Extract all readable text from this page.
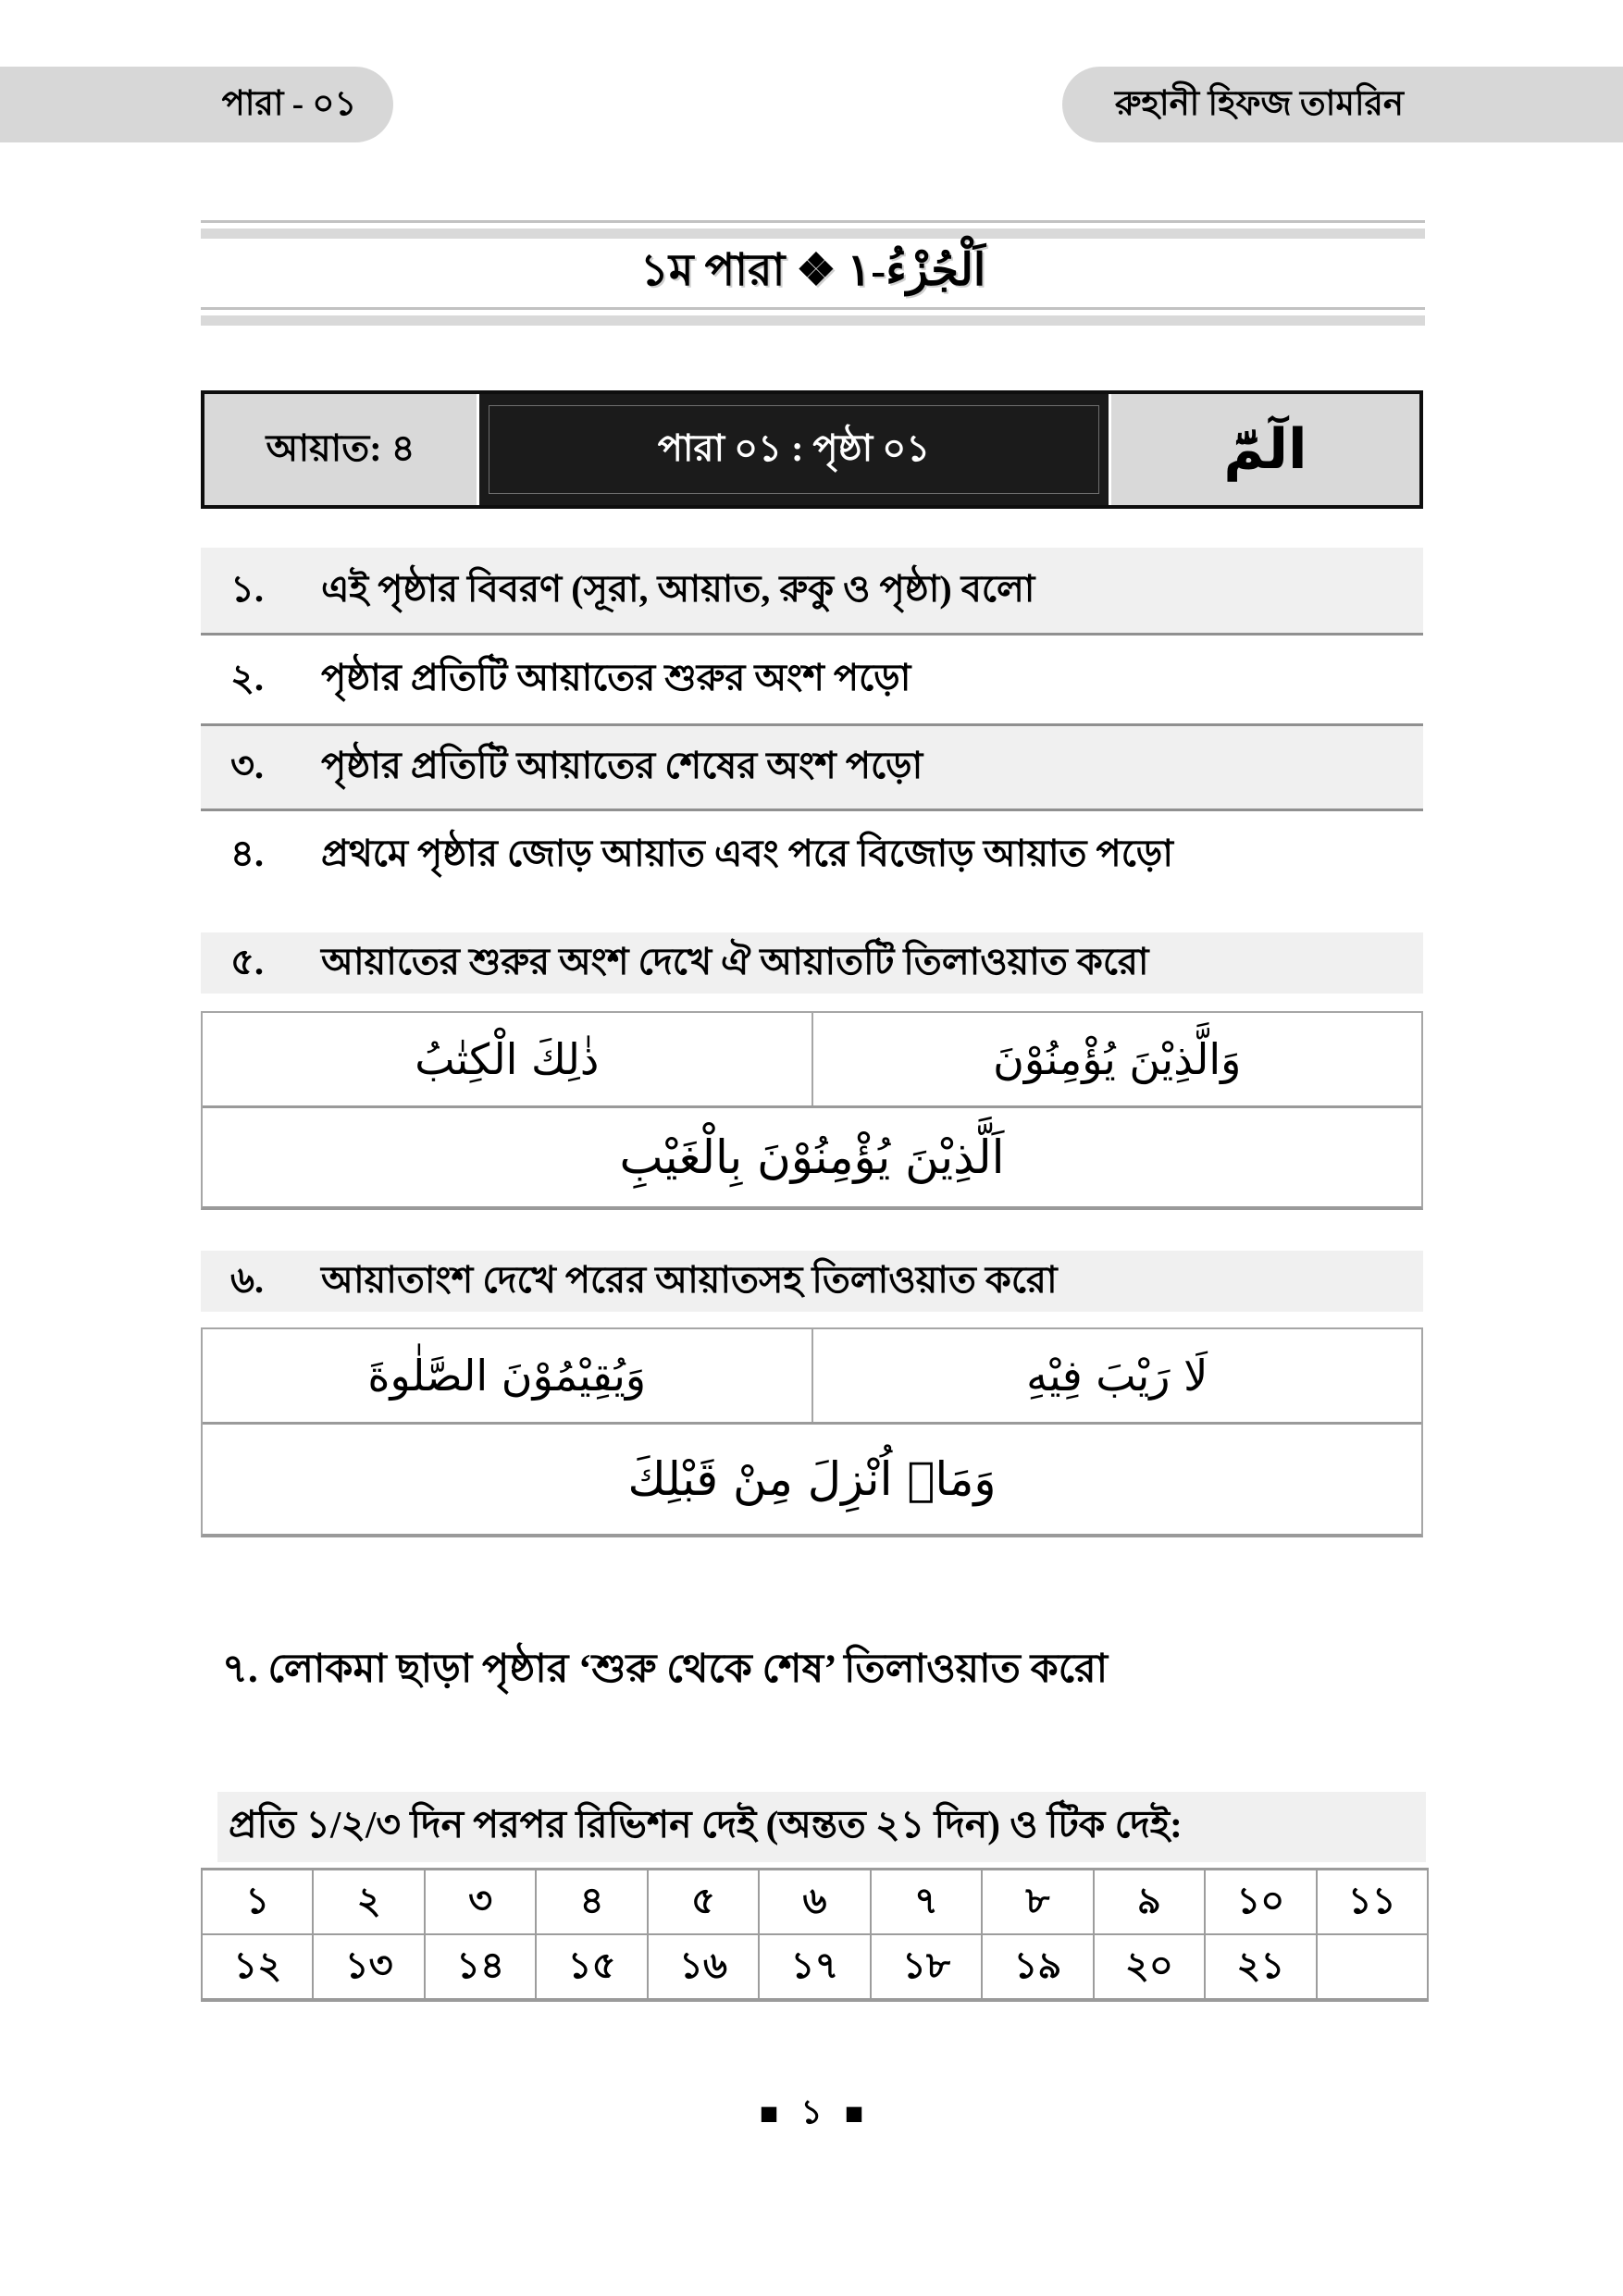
পারা - ০১	রুহানী হিফজ তামরিন
১ম পারা ❖ اَلْجُزْءُ-١
আয়াত: ৪	পারা ০১ : পৃষ্ঠা ০১	الٓمّٓ
১.	এই পৃষ্ঠার বিবরণ (সূরা, আয়াত, রুকু ও পৃষ্ঠা) বলো
২.	পৃষ্ঠার প্রতিটি আয়াতের শুরুর অংশ পড়ো
৩.	পৃষ্ঠার প্রতিটি আয়াতের শেষের অংশ পড়ো
৪.	প্রথমে পৃষ্ঠার জোড় আয়াত এবং পরে বিজোড় আয়াত পড়ো
৫.	আয়াতের শুরুর অংশ দেখে ঐ আয়াতটি তিলাওয়াত করো
ذٰلِكَ الْكِتٰبُ	وَالَّذِيْنَ يُؤْمِنُوْنَ
اَلَّذِيْنَ يُؤْمِنُوْنَ بِالْغَيْبِ
৬.	আয়াতাংশ দেখে পরের আয়াতসহ তিলাওয়াত করো
وَيُقِيْمُوْنَ الصَّلٰوةَ	لَا رَيْبَ فِيْهِ
وَمَاۤ اُنْزِلَ مِنْ قَبْلِكَ
৭. লোকমা ছাড়া পৃষ্ঠার ‘শুরু থেকে শেষ’ তিলাওয়াত করো
প্রতি ১/২/৩ দিন পরপর রিভিশন দেই (অন্তত ২১ দিন) ও টিক দেই:
১	২	৩	৪	৫	৬	৭	৮	৯	১০	১১
১২	১৩	১৪	১৫	১৬	১৭	১৮	১৯	২০	২১	
■ ১ ■
